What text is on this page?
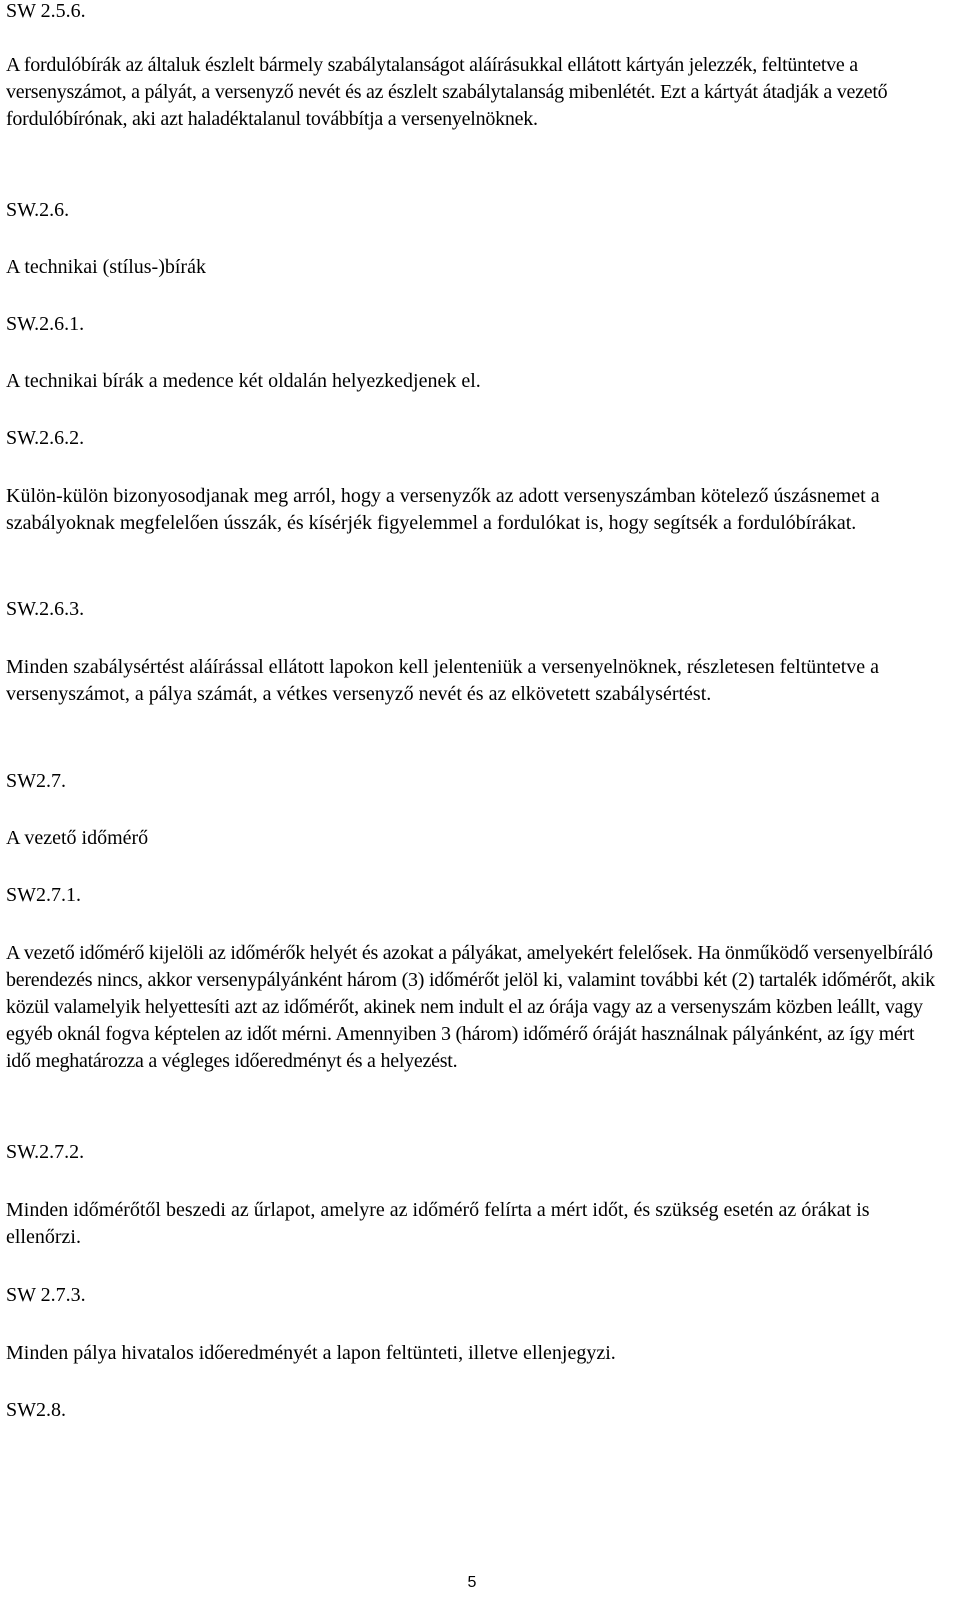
SW 2.5.6.

A fordulóbírák az általuk észlelt bármely szabálytalanságot aláírásukkal ellátott kártyán jelezzék, feltüntetve a versenyszámot, a pályát, a versenyző nevét és az észlelt szabálytalanság mibenlétét. Ezt a kártyát átadják a vezető fordulóbírónak, aki azt haladéktalanul továbbítja a versenyelnöknek.

SW.2.6.

A technikai (stílus-)bírák

SW.2.6.1.

A technikai bírák a medence két oldalán helyezkedjenek el.

SW.2.6.2.

Külön-külön bizonyosodjanak meg arról, hogy a versenyzők az adott versenyszámban kötelező úszásnemet a szabályoknak megfelelően ússzák, és kísérjék figyelemmel a fordulókat is, hogy segítsék a fordulóbírákat.

SW.2.6.3.

Minden szabálysértést aláírással ellátott lapokon kell jelenteniük a versenyelnöknek, részletesen feltüntetve a versenyszámot, a pálya számát, a vétkes versenyző nevét és az elkövetett szabálysértést.

SW2.7.

A vezető időmérő

SW2.7.1.

A vezető időmérő kijelöli az időmérők helyét és azokat a pályákat, amelyekért felelősek. Ha önműködő versenyelbíráló berendezés nincs, akkor versenypályánként három (3) időmérőt jelöl ki, valamint további két (2) tartalék időmérőt, akik közül valamelyik helyettesíti azt az időmérőt, akinek nem indult el az órája vagy az a versenyszám közben leállt, vagy egyéb oknál fogva képtelen az időt mérni. Amennyiben 3 (három) időmérő óráját használnak pályánként, az így mért idő meghatározza a végleges időeredményt és a helyezést.

SW.2.7.2.

Minden időmérőtől beszedi az űrlapot, amelyre az időmérő felírta a mért időt, és szükség esetén az órákat is ellenőrzi.

SW 2.7.3.

Minden pálya hivatalos időeredményét a lapon feltünteti, illetve ellenjegyzi.

SW2.8.

5
